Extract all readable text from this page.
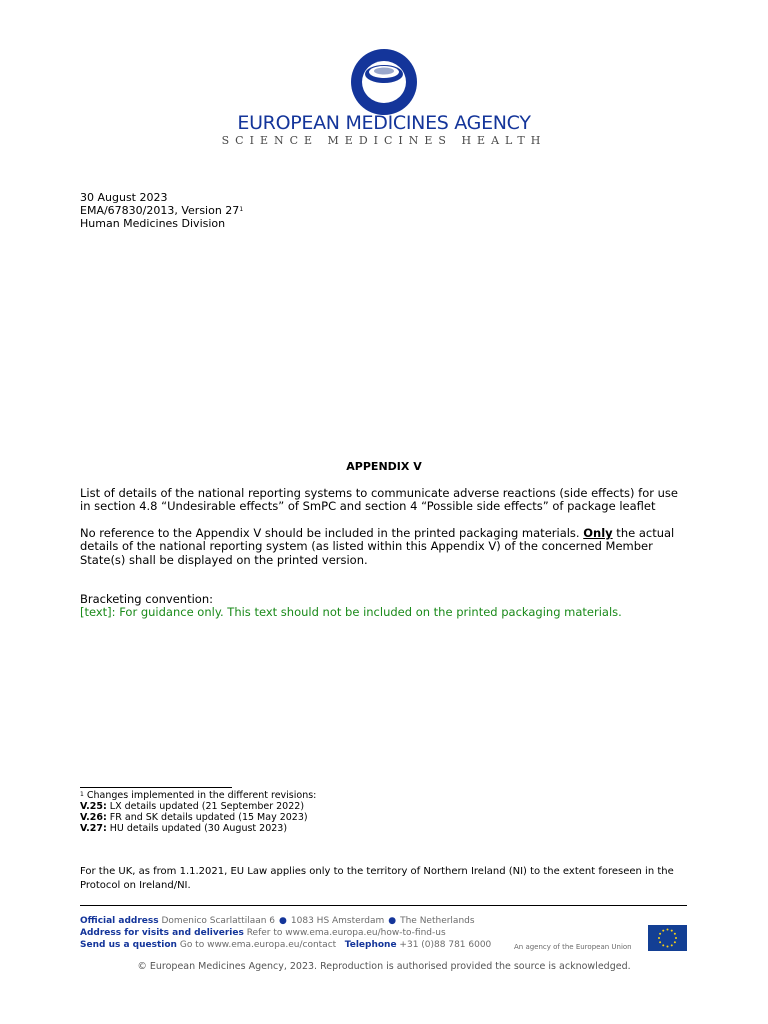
EUROPEAN MEDICINES AGENCY
SCIENCE MEDICINES HEALTH
30 August 2023
EMA/67830/2013, Version $27^1$
Human Medicines Division
APPENDIX V
List of details of the national reporting systems to communicate adverse reactions (side effects) for use in section 4.8 “Undesirable effects” of SmPC and section 4 “Possible side effects” of package leaflet
No reference to the Appendix V should be included in the printed packaging materials. Only the actual details of the national reporting system (as listed within this Appendix V) of the concerned Member State(s) shall be displayed on the printed version.
Bracketing convention:
[text]: For guidance only. This text should not be included on the printed packaging materials.
$^1$ Changes implemented in the different revisions:
V.25: LX details updated (21 September 2022)
V.26: FR and SK details updated (15 May 2023)
V.27: HU details updated (30 August 2023)
For the UK, as from 1.1.2021, EU Law applies only to the territory of Northern Ireland (NI) to the extent foreseen in the Protocol on Ireland/NI.
Official address Domenico Scarlattilaan 6 ● 1083 HS Amsterdam ● The Netherlands
Address for visits and deliveries Refer to www.ema.europa.eu/how-to-find-us
Send us a question Go to www.ema.europa.eu/contact Telephone +31 (0)88 781 6000	An agency of the European Union
© European Medicines Agency, 2023. Reproduction is authorised provided the source is acknowledged.
